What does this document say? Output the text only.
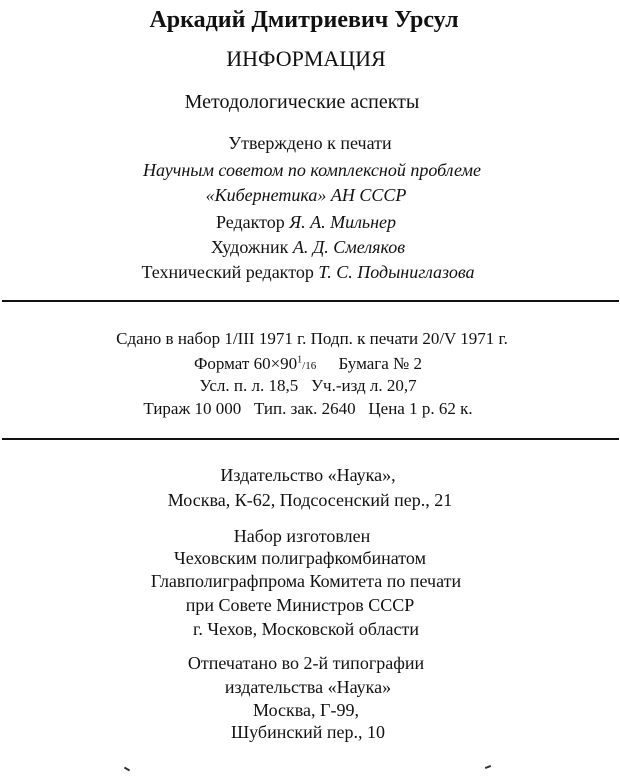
Аркадий Дмитриевич Урсул
ИНФОРМАЦИЯ
Методологические аспекты
Утверждено к печати
Научным советом по комплексной проблеме
«Кибернетика» АН СССР
Редактор Я. А. Мильнер
Художник А. Д. Смеляков
Технический редактор Т. С. Подыниглазова
Сдано в набор 1/III 1971 г. Подп. к печати 20/V 1971 г.
Формат $60\times 90^1/16$ Бумага № 2
Усл. п. л. 18,5   Уч.-изд л. 20,7
Тираж 10 000   Тип. зак. 2640   Цена 1 р. 62 к.
Издательство «Наука»,
Москва, К-62, Подсосенский пер., 21
Набор изготовлен
Чеховским полиграфкомбинатом
Главполиграфпрома Комитета по печати
при Совете Министров СССР
г. Чехов, Московской области
Отпечатано во 2-й типографии
издательства «Наука»
Москва, Г-99,
Шубинский пер., 10
